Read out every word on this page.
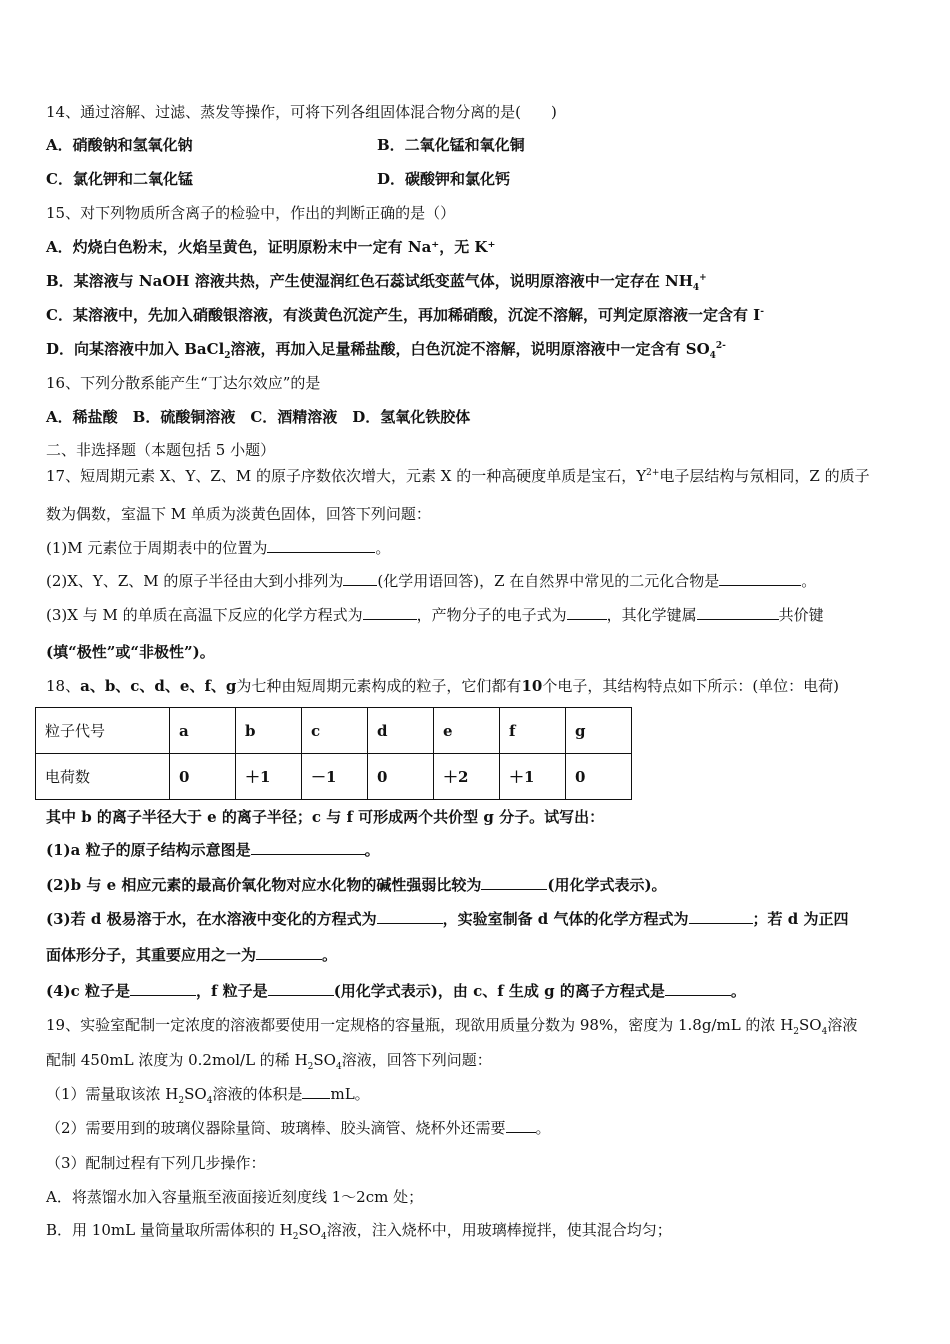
14、通过溶解、过滤、蒸发等操作，可将下列各组固体混合物分离的是(　　)
A．硝酸钠和氢氧化钠	B．二氧化锰和氧化铜
C．氯化钾和二氧化锰	D．碳酸钾和氯化钙
15、对下列物质所含离子的检验中，作出的判断正确的是（）
A．灼烧白色粉末，火焰呈黄色，证明原粉末中一定有 Na⁺，无 K⁺
B．某溶液与 NaOH 溶液共热，产生使湿润红色石蕊试纸变蓝气体，说明原溶液中一定存在 $NH_4^+$
C．某溶液中，先加入硝酸银溶液，有淡黄色沉淀产生，再加稀硝酸，沉淀不溶解，可判定原溶液一定含有 I-
D．向某溶液中加入 BaCl$_2$溶液，再加入足量稀盐酸，白色沉淀不溶解，说明原溶液中一定含有 $SO_4^{2-}$
16、下列分散系能产生“丁达尔效应”的是
A．稀盐酸　B．硫酸铜溶液　C．酒精溶液　D．氢氧化铁胶体
二、非选择题（本题包括 5 小题）
17、短周期元素 X、Y、Z、M 的原子序数依次增大，元素 X 的一种高硬度单质是宝石，$Y^{2+}$电子层结构与氖相同，Z 的质子
数为偶数，室温下 M 单质为淡黄色固体，回答下列问题：
(1)M 元素位于周期表中的位置为	。
(2)X、Y、Z、M 的原子半径由大到小排列为 (化学用语回答)，Z 在自然界中常见的二元化合物是	。
(3)X 与 M 的单质在高温下反应的化学方程式为	，产物分子的电子式为	，其化学键属	共价键
(填“极性”或“非极性”)。
18、a、b、c、d、e、f、g为七种由短周期元素构成的粒子，它们都有10个电子，其结构特点如下所示：(单位：电荷)
粒子代号	a	b	c	d	e	f	g
电荷数	0	＋1	－1	0	＋2	＋1	0
其中 b 的离子半径大于 e 的离子半径；c 与 f 可形成两个共价型 g 分子。试写出：
(1)a 粒子的原子结构示意图是	。
(2)b 与 e 相应元素的最高价氧化物对应水化物的碱性强弱比较为	(用化学式表示)。
(3)若 d 极易溶于水，在水溶液中变化的方程式为	，实验室制备 d 气体的化学方程式为	；若 d 为正四
面体形分子，其重要应用之一为	。
(4)c 粒子是	，f 粒子是	(用化学式表示)，由 c、f 生成 g 的离子方程式是	。
19、实验室配制一定浓度的溶液都要使用一定规格的容量瓶，现欲用质量分数为 98%，密度为 1.8g/mL 的浓 $H_2SO_4$溶液
配制 450mL 浓度为 0.2mol/L 的稀 $H_2SO_4$溶液，回答下列问题：
（1）需量取该浓 $H_2SO_4$溶液的体积是 mL。
（2）需要用到的玻璃仪器除量筒、玻璃棒、胶头滴管、烧杯外还需要 。
（3）配制过程有下列几步操作：
A．将蒸馏水加入容量瓶至液面接近刻度线 1～2cm 处；
B．用 10mL 量筒量取所需体积的 $H_2SO_4$溶液，注入烧杯中，用玻璃棒搅拌，使其混合均匀；
